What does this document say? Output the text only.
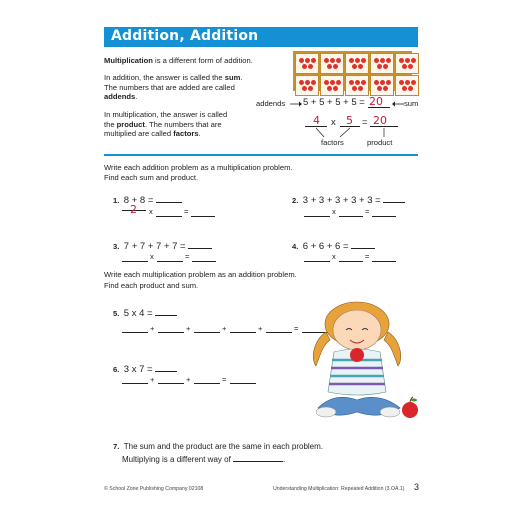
Addition, Addition
Multiplication is a different form of addition.
In addition, the answer is called the sum.
The numbers that are added are called
addends.
In multiplication, the answer is called
the product. The numbers that are
multiplied are called factors.
addends 5 + 5 + 5 + 5 = 20	sum
4 x 5 = 20
factors	product
Write each addition problem as a multiplication problem.
Find each sum and product.
1. 8 + 8 =
2 x	=
2. 3 + 3 + 3 + 3 + 3 =
x	=
3. 7 + 7 + 7 + 7 =
x	=
4. 6 + 6 + 6 =
x	=
Write each multiplication problem as an addition problem.
Find each product and sum.
5. 5 x 4 =
+	+	+	+	=
6. 3 x 7 =
+	+	=
7. The sum and the product are the same in each problem.
Multiplying is a different way of	.
© School Zone Publishing Company 02108	Understanding Multiplication: Repeated Addition (3.OA.1) 3
